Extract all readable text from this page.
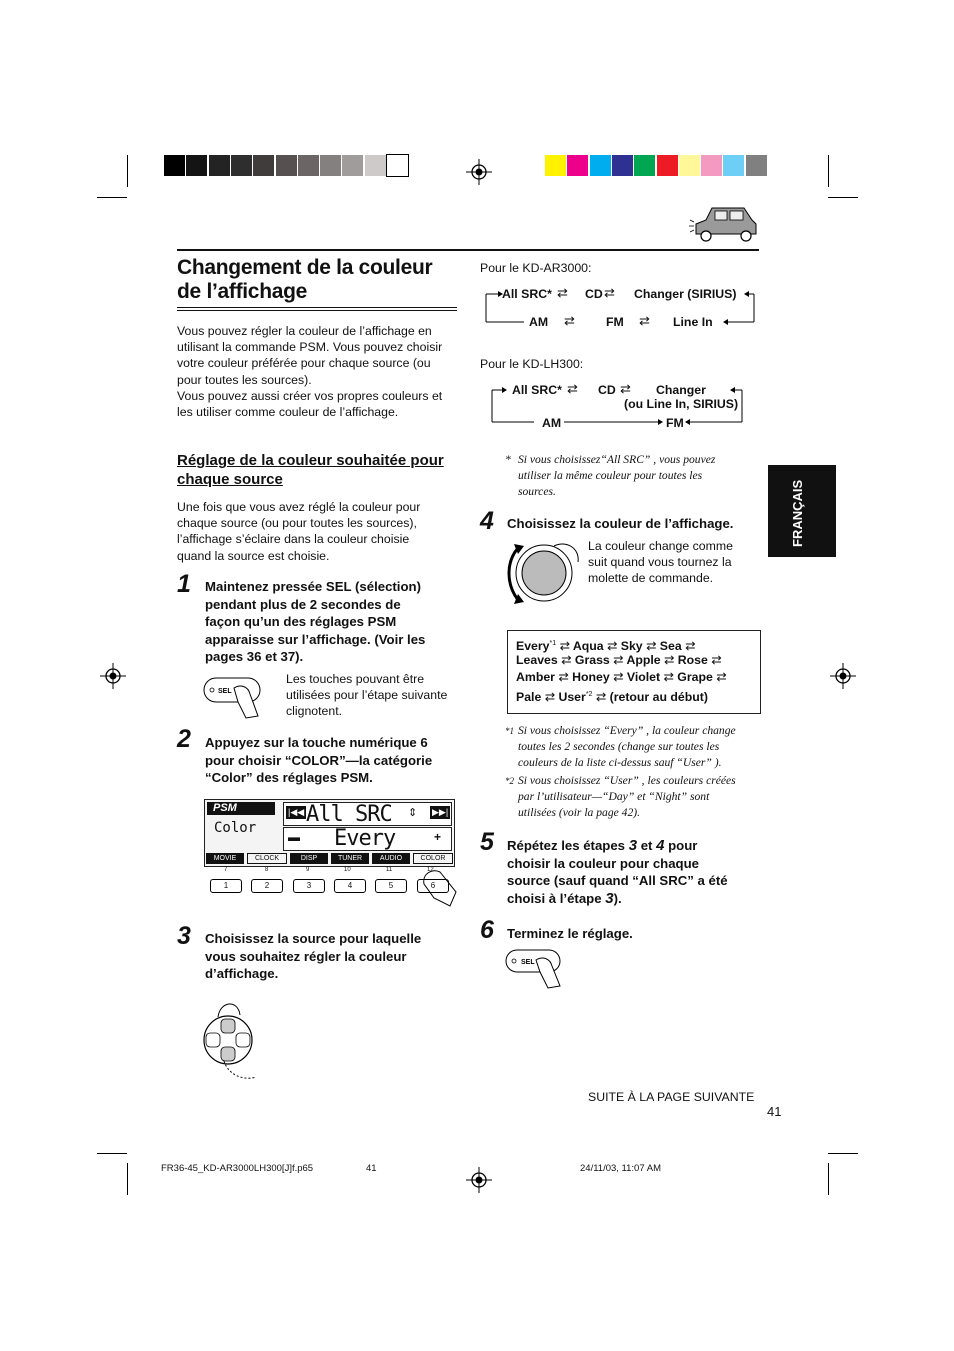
Changement de la couleur de l’affichage
Vous pouvez régler la couleur de l’affichage en
utilisant la commande PSM. Vous pouvez choisir
votre couleur préférée pour chaque source (ou
pour toutes les sources).
Vous pouvez aussi créer vos propres couleurs et
les utiliser comme couleur de l’affichage.
Réglage de la couleur souhaitée pour
chaque source
Une fois que vous avez réglé la couleur pour
chaque source (ou pour toutes les sources),
l’affichage s’éclaire dans la couleur choisie
quand la source est choisie.
1 Maintenez pressée SEL (sélection)
pendant plus de 2 secondes de
façon qu’un des réglages PSM
apparaisse sur l’affichage. (Voir les
pages 36 et 37).
SEL
Les touches pouvant être
utilisées pour l’étape suivante
clignotent.
2 Appuyez sur la touche numérique 6
pour choisir “COLOR”—la catégorie
“Color” des réglages PSM.
PSM
Color
|◀◀ All SRC ⇕ ▶▶|
▬ Every	+
MOVIE	CLOCK	DISP	TUNER	AUDIO	COLOR
7	8	9	10	11	12
1	2	3	4	5	6
3 Choisissez la source pour laquelle
vous souhaitez régler la couleur
d’affichage.
Pour le KD-AR3000:
All SRC* ⇄ CD ⇄ Changer (SIRIUS)
AM ⇄	FM ⇄ Line In
Pour le KD-LH300:
All SRC* ⇄ CD ⇄ Changer
(ou Line In, SIRIUS)
AM	FM
* Si vous choisissez“All SRC” , vous pouvez
utiliser la même couleur pour toutes les
sources.
4 Choisissez la couleur de l’affichage.
La couleur change comme
suit quand vous tournez la
molette de commande.
Every$^{*1}$ ⇄ Aqua ⇄ Sky ⇄ Sea ⇄
Leaves ⇄ Grass ⇄ Apple ⇄ Rose ⇄
Amber ⇄ Honey ⇄ Violet ⇄ Grape ⇄
Pale ⇄ User$^{*2}$ ⇄ (retour au début)
*1 Si vous choisissez “Every” , la couleur change
toutes les 2 secondes (change sur toutes les
couleurs de la liste ci-dessus sauf “User” ).
*2 Si vous choisissez “User” , les couleurs créées
par l’utilisateur—“Day” et “Night” sont
utilisées (voir la page 42).
5 Répétez les étapes 3 et 4 pour
choisir la couleur pour chaque
source (sauf quand “All SRC” a été
choisi à l’étape 3).
6 Terminez le réglage.
SEL
FRANÇAIS
SUITE À LA PAGE SUIVANTE
41
FR36-45_KD-AR3000LH300[J]f.p65	41	24/11/03, 11:07 AM
